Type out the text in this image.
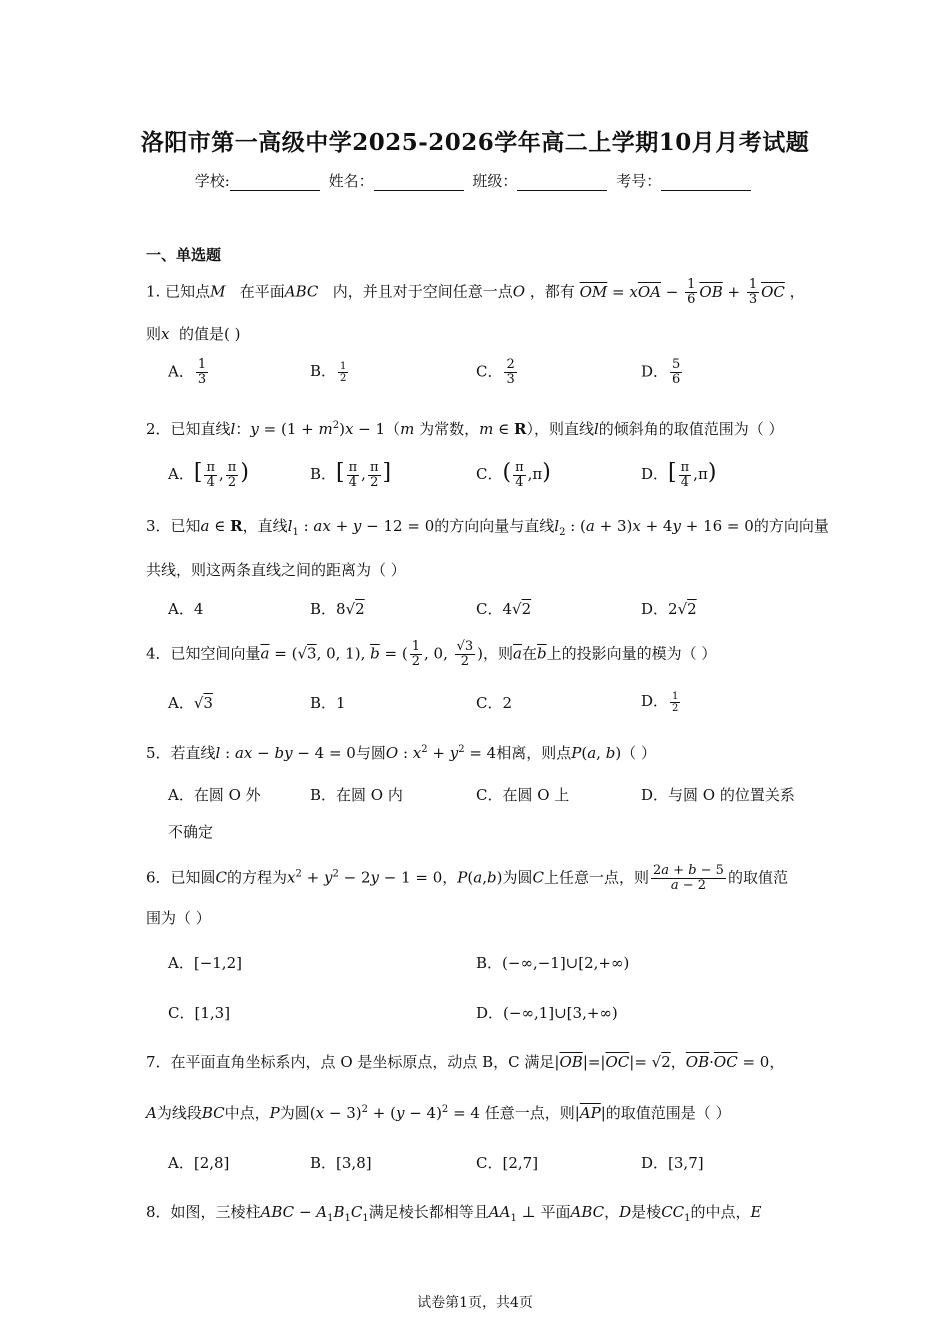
洛阳市第一高级中学2025-2026学年高二上学期10月月考试题
学校:	姓名：	班级：	考号：
一、单选题
1. 已知点M 在平面ABC 内，并且对于空间任意一点O ，都有 $\overline{OM} = x\overline{OA} - \frac{1}{6} \overline{OB} + \frac{1}{3} \overline{OC}$ ，
则x 的值是( )
A． $\frac{1}{3}$	B． $\frac{1}{2}$	C． $\frac{2}{3}$	D． $\frac{5}{6}$
2．已知直线l：$y = (1 + m^2)x - 1(m$ 为常数，m ∈ R），则直线l的倾斜角的取值范围为（ ）
A．[ $\frac{\pi}{4}$ , $\frac{\pi}{2}$ )	B．[ $\frac{\pi}{4}$ , $\frac{\pi}{2}$ ]	C．( $\frac{\pi}{4} ,\pi$)	D．[ $\frac{\pi}{4} ,\pi$)
3．已知a ∈ R，直线$l_1$ : ax + y − 12 = 0的方向向量与直线$l_2$ : (a + 3)x + 4y + 16 = 0的方向向量
共线，则这两条直线之间的距离为（ ）
A．4	B．8√2	C．4√2	D．2√2
4．已知空间向量$\overline{a} = (√3$, 0, 1), $\overline{b}$ = ( $\frac{1}{2}$ , 0, $\frac{√3}{2}$ )，则$\overline{a}$在$\overline{b}$上的投影向量的模为（ ）
A．√3	B．1	C．2	D． $\frac{1}{2}$
5．若直线l : ax − by − 4 = 0与圆O : $x^2 + y^2 = 4$相离，则点P(a, b)（ ）
A．在圆 O 外	B．在圆 O 内	C．在圆 O 上	D．与圆 O 的位置关系
不确定
6．已知圆C的方程为$x^2 + y^2 - 2y - 1 = 0$，P(a,b)为圆C上任意一点，则 $\frac{2a + b - 5}{a - 2}$ 的取值范
围为（ ）
A．[−1,2]	B．(−∞,−1]∪[2,+∞)
C．[1,3]	D．(−∞,1]∪[3,+∞)
7．在平面直角坐标系内，点 O 是坐标原点，动点 B，C 满足$|\overline{OB}|=|\overline{OC}|= √2$，$\overline{OB}\cdot\overline{OC} = 0$，
A为线段BC中点，P为圆$(x - 3)^2 + (y - 4)^2 = 4$ 任意一点，则$|\overline{AP}|$的取值范围是（ ）
A．[2,8]	B．[3,8]	C．[2,7]	D．[3,7]
8．如图，三棱柱ABC − $A_1B_1C_1$满足棱长都相等且$AA_1$ ⊥ 平面ABC，D是棱$CC_1$的中点，E
试卷第1页，共4页
